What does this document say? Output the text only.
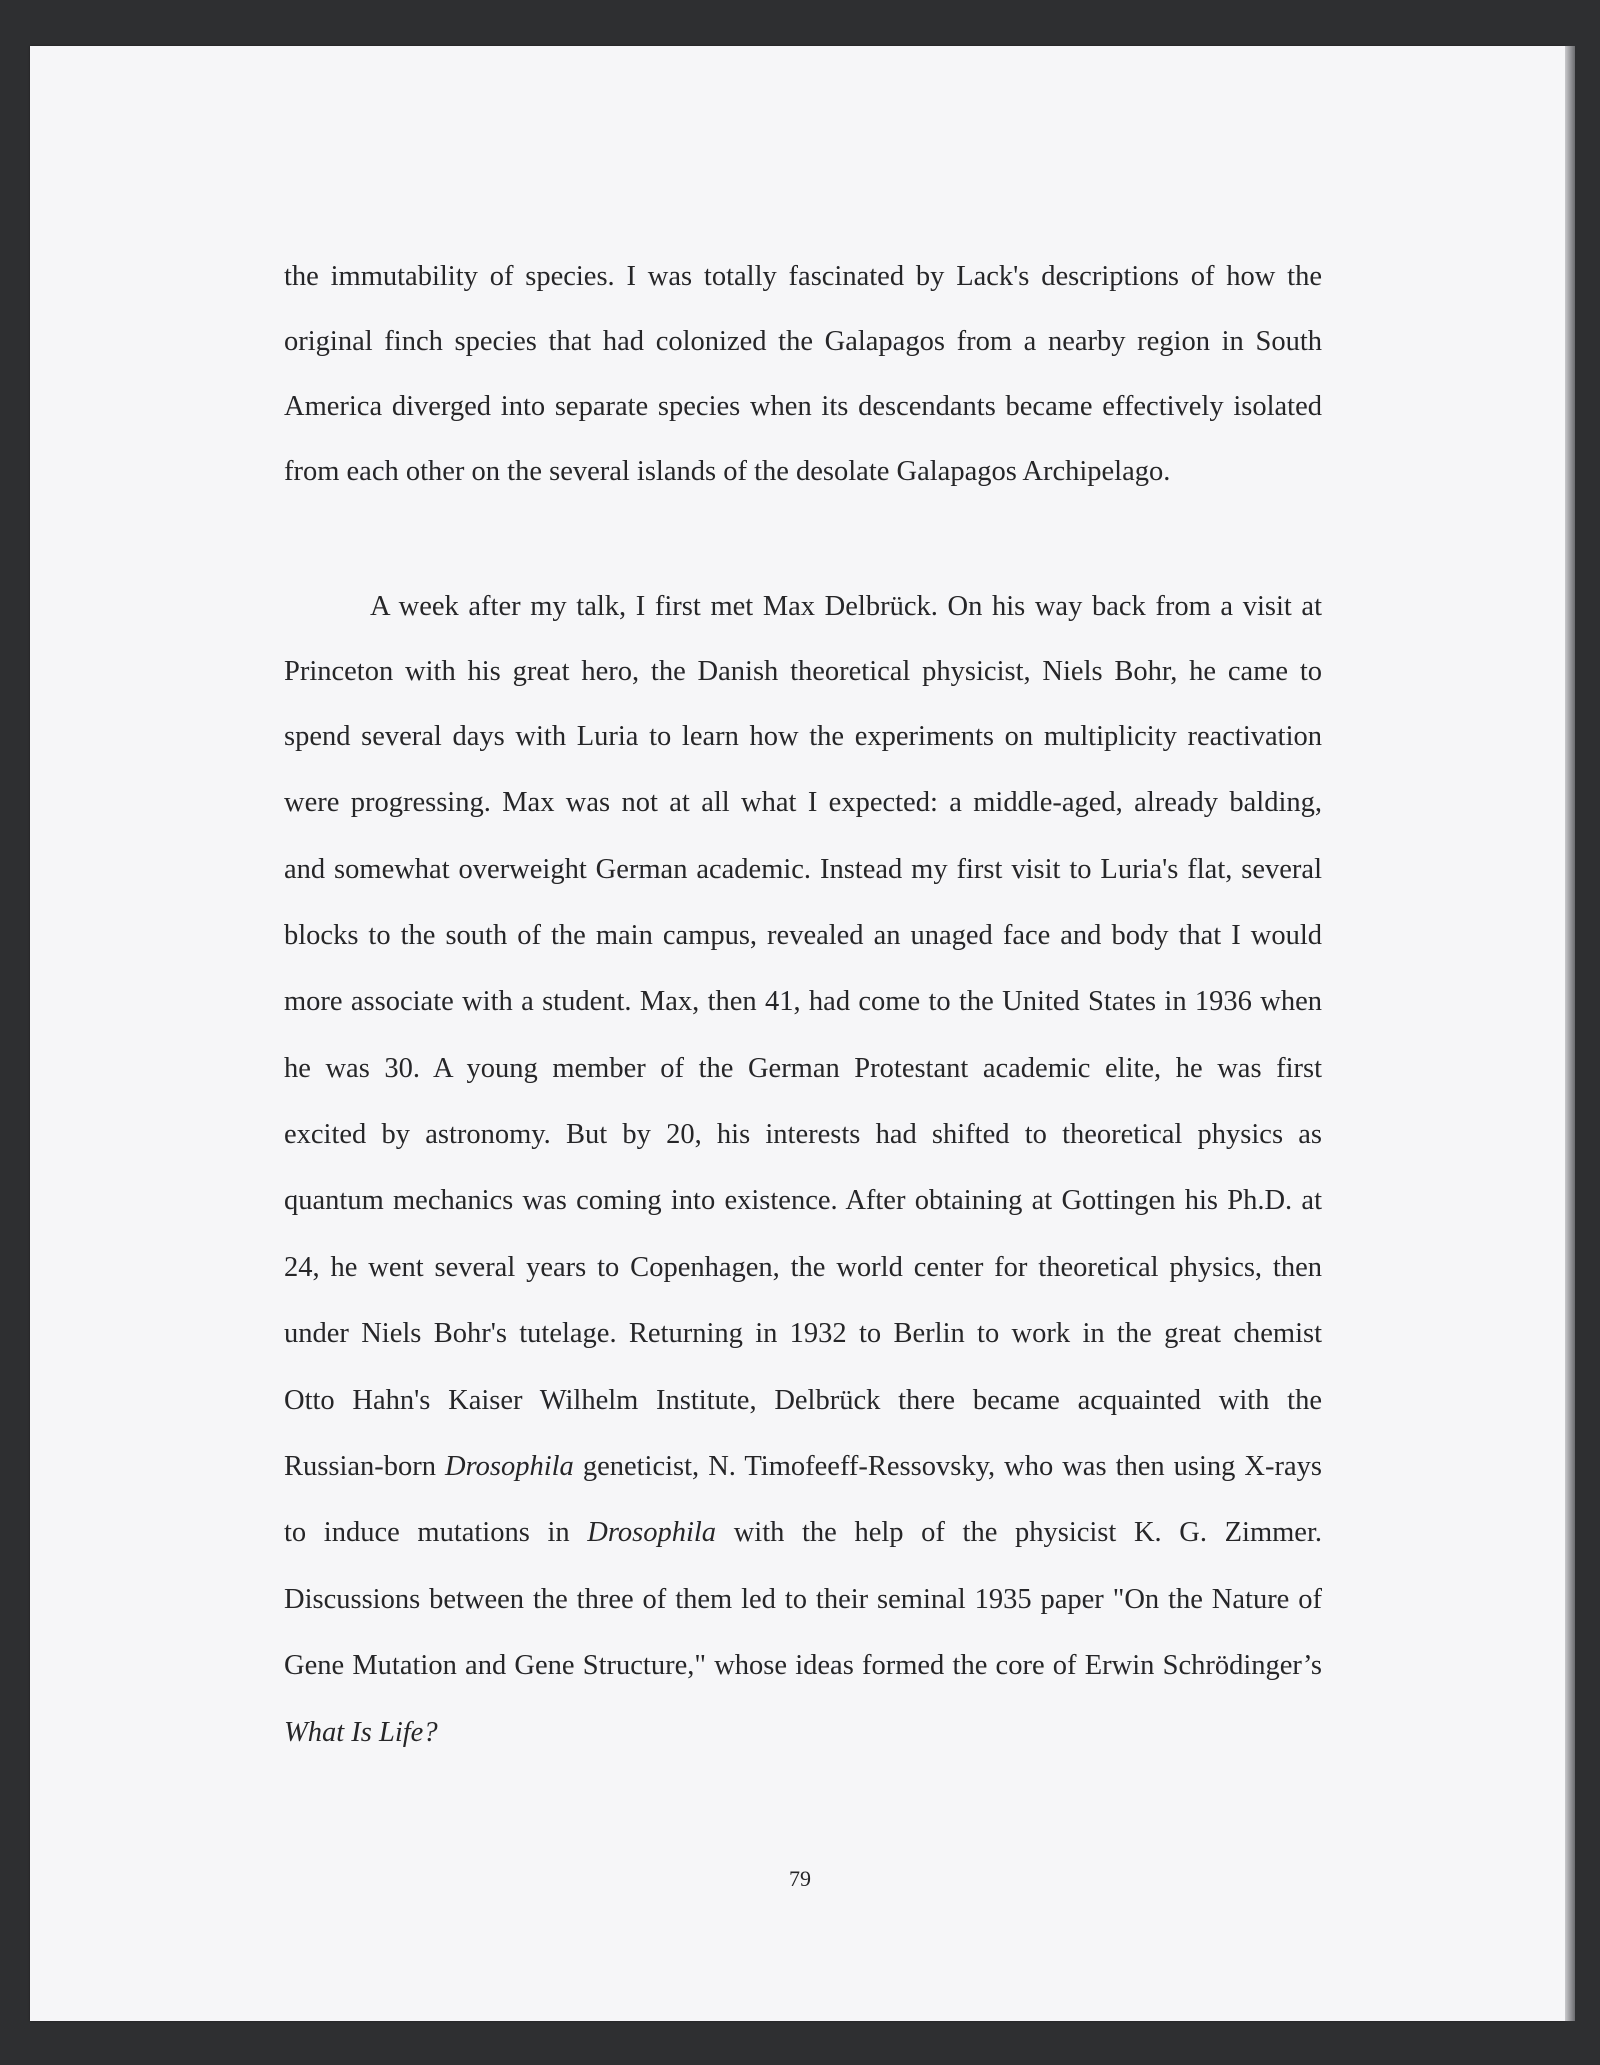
the immutability of species. I was totally fascinated by Lack's descriptions of how the

original finch species that had colonized the Galapagos from a nearby region in South

America diverged into separate species when its descendants became effectively isolated

from each other on the several islands of the desolate Galapagos Archipelago.

A week after my talk, I first met Max Delbrück. On his way back from a visit at

Princeton with his great hero, the Danish theoretical physicist, Niels Bohr, he came to

spend several days with Luria to learn how the experiments on multiplicity reactivation

were progressing. Max was not at all what I expected: a middle-aged, already balding,

and somewhat overweight German academic. Instead my first visit to Luria's flat, several

blocks to the south of the main campus, revealed an unaged face and body that I would

more associate with a student. Max, then 41, had come to the United States in 1936 when

he was 30. A young member of the German Protestant academic elite, he was first

excited by astronomy. But by 20, his interests had shifted to theoretical physics as

quantum mechanics was coming into existence. After obtaining at Gottingen his Ph.D. at

24, he went several years to Copenhagen, the world center for theoretical physics, then

under Niels Bohr's tutelage. Returning in 1932 to Berlin to work in the great chemist

Otto Hahn's Kaiser Wilhelm Institute, Delbrück there became acquainted with the

Russian-born Drosophila geneticist, N. Timofeeff-Ressovsky, who was then using X-rays

to induce mutations in Drosophila with the help of the physicist K. G. Zimmer.

Discussions between the three of them led to their seminal 1935 paper "On the Nature of

Gene Mutation and Gene Structure," whose ideas formed the core of Erwin Schrödinger’s

What Is Life?

79
